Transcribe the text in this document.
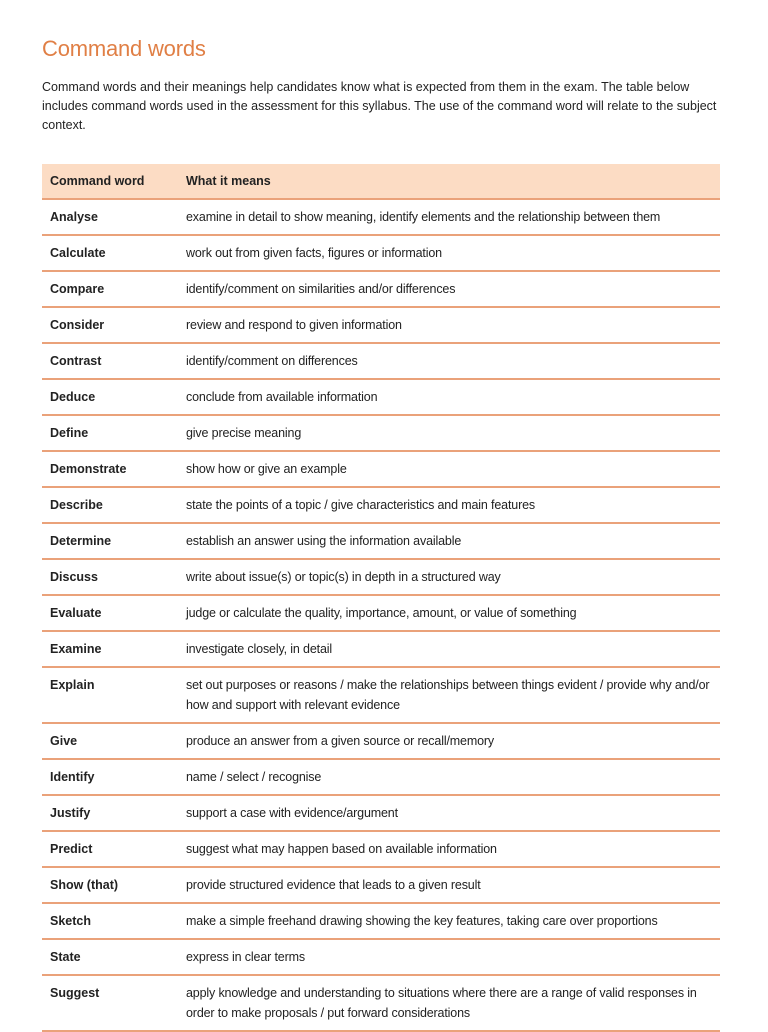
Command words

Command words and their meanings help candidates know what is expected from them in the exam. The table below includes command words used in the assessment for this syllabus. The use of the command word will relate to the subject context.

Command word	What it means
Analyse	examine in detail to show meaning, identify elements and the relationship between them
Calculate	work out from given facts, figures or information
Compare	identify/comment on similarities and/or differences
Consider	review and respond to given information
Contrast	identify/comment on differences
Deduce	conclude from available information
Define	give precise meaning
Demonstrate	show how or give an example
Describe	state the points of a topic / give characteristics and main features
Determine	establish an answer using the information available
Discuss	write about issue(s) or topic(s) in depth in a structured way
Evaluate	judge or calculate the quality, importance, amount, or value of something
Examine	investigate closely, in detail
Explain	set out purposes or reasons / make the relationships between things evident / provide why and/or how and support with relevant evidence
Give	produce an answer from a given source or recall/memory
Identify	name / select / recognise
Justify	support a case with evidence/argument
Predict	suggest what may happen based on available information
Show (that)	provide structured evidence that leads to a given result
Sketch	make a simple freehand drawing showing the key features, taking care over proportions
State	express in clear terms
Suggest	apply knowledge and understanding to situations where there are a range of valid responses in order to make proposals / put forward considerations
